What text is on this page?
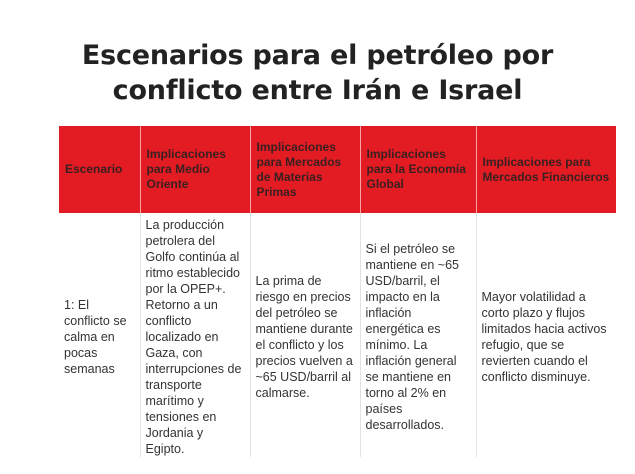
Escenarios para el petróleo por
conflicto entre Irán e Israel
Escenario	Implicaciones para Medio Oriente	Implicaciones para Mercados de Materias Primas	Implicaciones para la Economía Global	Implicaciones para Mercados Financieros
1: El conflicto se calma en pocas semanas	La producción petrolera del Golfo continúa al ritmo establecido por la OPEP+. Retorno a un conflicto localizado en Gaza, con interrupciones de transporte marítimo y tensiones en Jordania y Egipto.	La prima de riesgo en precios del petróleo se mantiene durante el conflicto y los precios vuelven a ~65 USD/barril al calmarse.	Si el petróleo se mantiene en ~65 USD/barril, el impacto en la inflación energética es mínimo. La inflación general se mantiene en torno al 2% en países desarrollados.	Mayor volatilidad a corto plazo y flujos limitados hacia activos refugio, que se revierten cuando el conflicto disminuye.
